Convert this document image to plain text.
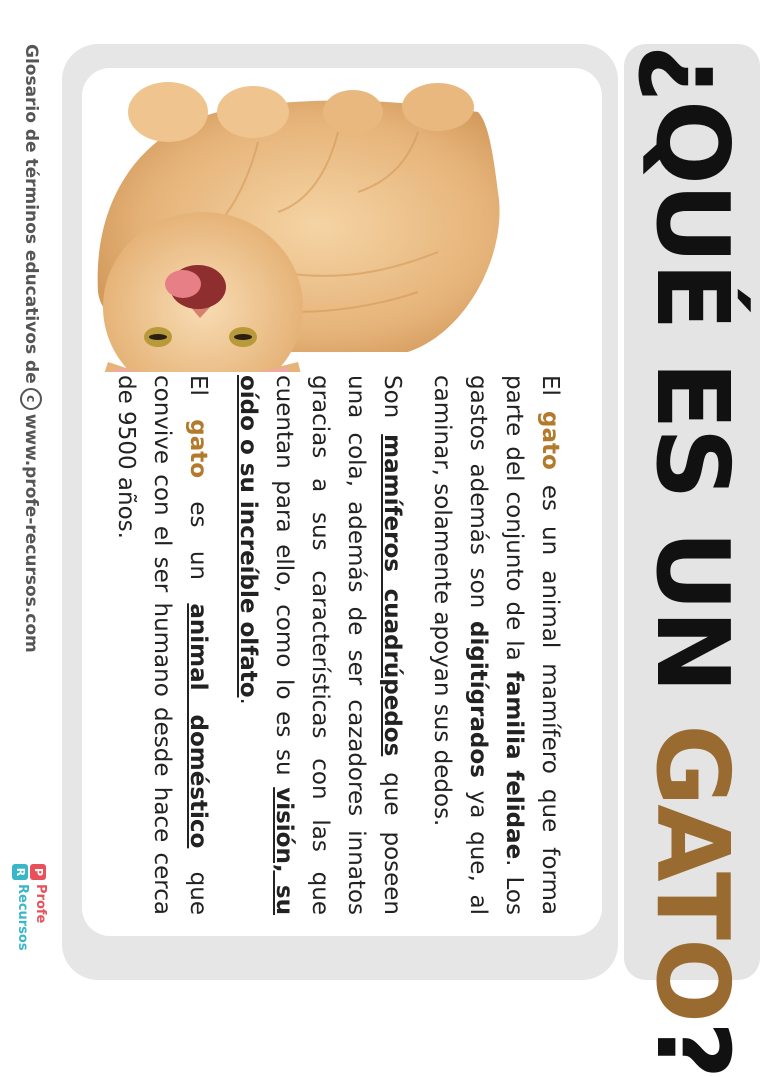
¿QUÉ ES UN GATO?

El gato es un animal mamífero que forma parte del conjunto de la familia felidae. Los gastos además son digitígrados ya que, al caminar, solamente apoyan sus dedos.

Son mamíferos cuadrúpedos que poseen una cola, además de ser cazadores innatos gracias a sus características con las que cuentan para ello, como lo es su visión, su oído o su increíble olfato.

El gato es un animal doméstico que convive con el ser humano desde hace cerca de 9500 años.

Glosario de términos educativos decwww.profe-recursos.com
P
R
Profe
Recursos
